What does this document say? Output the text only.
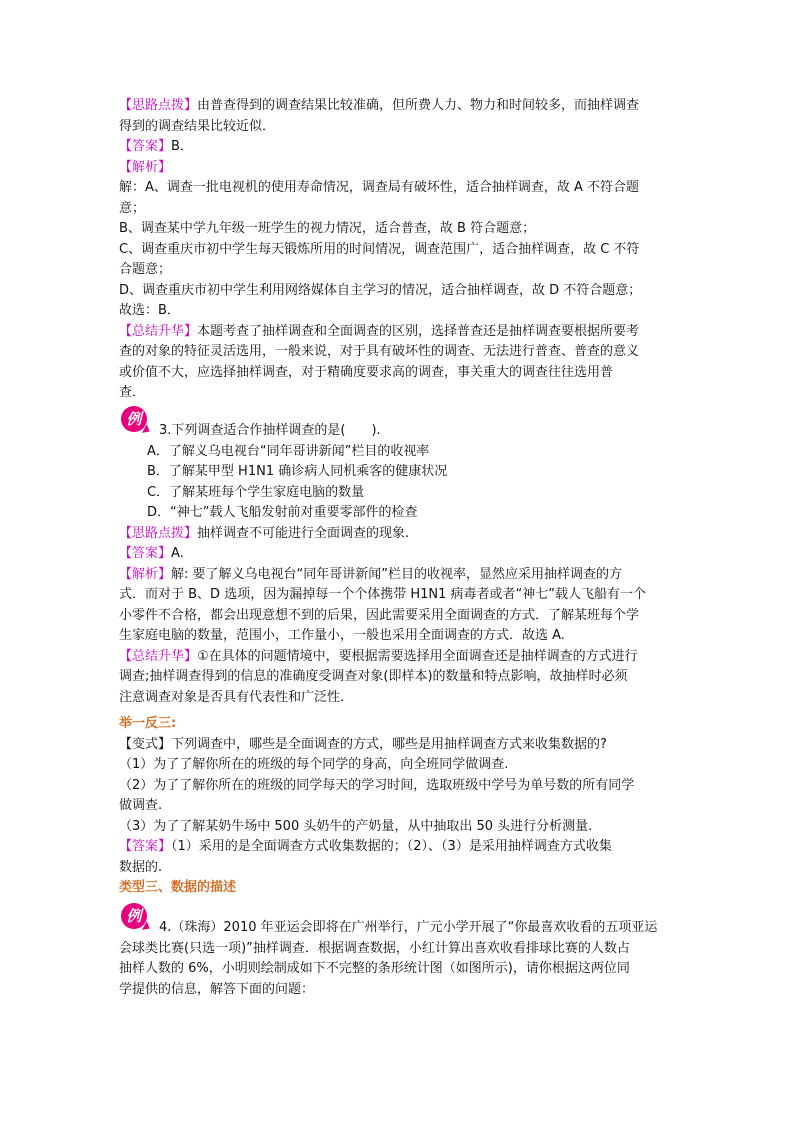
【思路点拨】由普查得到的调查结果比较准确，但所费人力、物力和时间较多，而抽样调查
得到的调查结果比较近似．
【答案】B．
【解析】
解：A、调查一批电视机的使用寿命情况，调查局有破坏性，适合抽样调查，故 A 不符合题
意；
B、调查某中学九年级一班学生的视力情况，适合普查，故 B 符合题意；
C、调查重庆市初中学生每天锻炼所用的时间情况，调查范围广，适合抽样调查，故 C 不符
合题意；
D、调查重庆市初中学生利用网络媒体自主学习的情况，适合抽样调查，故 D 不符合题意；
故选：B．
【总结升华】本题考查了抽样调查和全面调查的区别，选择普查还是抽样调查要根据所要考
查的对象的特征灵活选用，一般来说，对于具有破坏性的调查、无法进行普查、普查的意义
或价值不大，应选择抽样调查，对于精确度要求高的调查，事关重大的调查往往选用普
查．
例
3.下列调查适合作抽样调查的是(　　).
A．了解义乌电视台“同年哥讲新闻”栏目的收视率
B．了解某甲型 H1N1 确诊病人同机乘客的健康状况
C．了解某班每个学生家庭电脑的数量
D．“神七”载人飞船发射前对重要零部件的检查
【思路点拨】抽样调查不可能进行全面调查的现象.
【答案】A.
【解析】解: 要了解义乌电视台“同年哥讲新闻”栏目的收视率，显然应采用抽样调查的方
式．而对于 B、D 选项，因为漏掉每一个个体携带 H1N1 病毒者或者“神七”载人飞船有一个
小零件不合格，都会出现意想不到的后果，因此需要采用全面调查的方式．了解某班每个学
生家庭电脑的数量，范围小，工作量小，一般也采用全面调查的方式．故选 A.
【总结升华】①在具体的问题情境中，要根据需要选择用全面调查还是抽样调查的方式进行
调查;抽样调查得到的信息的准确度受调查对象(即样本)的数量和特点影响，故抽样时必须
注意调查对象是否具有代表性和广泛性．
举一反三:
【变式】下列调查中，哪些是全面调查的方式，哪些是用抽样调查方式来收集数据的?
（1）为了了解你所在的班级的每个同学的身高，向全班同学做调查.
（2）为了了解你所在的班级的同学每天的学习时间，选取班级中学号为单号数的所有同学
做调查.
（3）为了了解某奶牛场中 500 头奶牛的产奶量，从中抽取出 50 头进行分析测量.
【答案】（1）采用的是全面调查方式收集数据的；（2）、（3）是采用抽样调查方式收集
数据的.
类型三、数据的描述
例
4.（珠海）2010 年亚运会即将在广州举行，广元小学开展了“你最喜欢收看的五项亚运
会球类比赛(只选一项)”抽样调查．根据调查数据，小红计算出喜欢收看排球比赛的人数占
抽样人数的 6%，小明则绘制成如下不完整的条形统计图（如图所示)，请你根据这两位同
学提供的信息，解答下面的问题：
